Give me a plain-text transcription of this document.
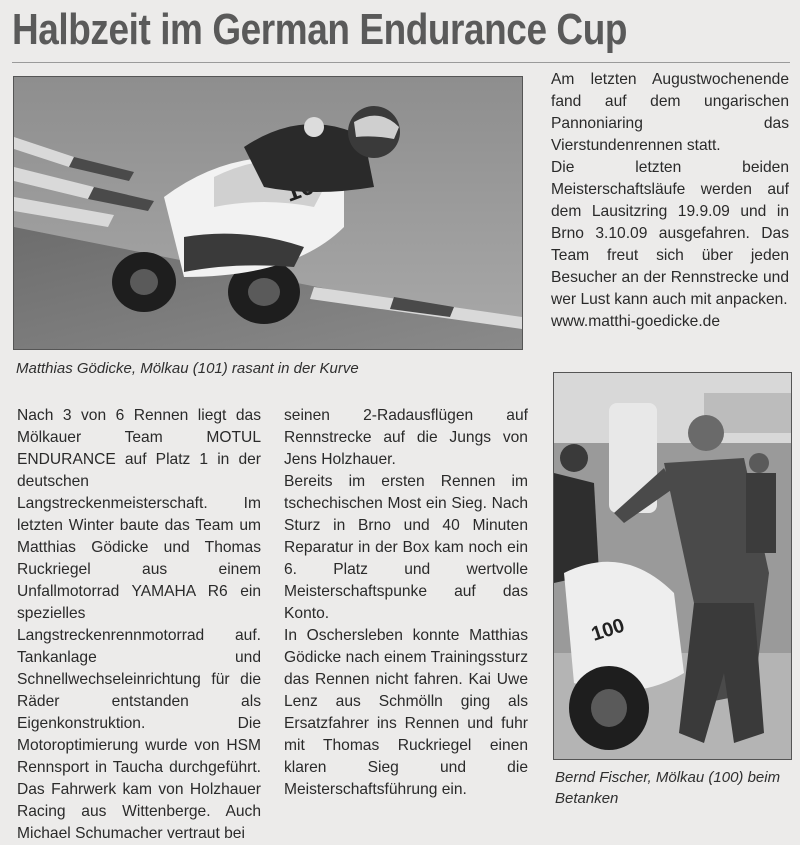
Halbzeit im German Endurance Cup
Matthias Gödicke, Mölkau (101) rasant in der Kurve
100
Bernd Fischer, Mölkau (100) beim
Betanken

Am letzten Augustwochenende fand auf dem ungarischen Pannoniaring das Vierstundenrennen statt.

Die letzten beiden Meisterschaftsläufe werden auf dem Lausitzring 19.9.09 und in Brno 3.10.09 ausgefahren. Das Team freut sich über jeden Besucher an der Rennstrecke und wer Lust kann auch mit anpacken.

www.matthi-goedicke.de

Nach 3 von 6 Rennen liegt das Mölkauer Team MOTUL ENDURANCE auf Platz 1 in der deutschen Langstreckenmeisterschaft. Im letzten Winter baute das Team um Matthias Gödicke und Thomas Ruckriegel aus einem Unfallmotorrad YAMAHA R6 ein spezielles Langstreckenrennmotorrad auf. Tankanlage und Schnellwechseleinrichtung für die Räder entstanden als Eigenkonstruktion. Die Motoroptimierung wurde von HSM Rennsport in Taucha durchgeführt. Das Fahrwerk kam von Holzhauer Racing aus Wittenberge. Auch Michael Schumacher vertraut bei

seinen 2-Radausflügen auf Rennstrecke auf die Jungs von Jens Holzhauer.

Bereits im ersten Rennen im tschechischen Most ein Sieg. Nach Sturz in Brno und 40 Minuten Reparatur in der Box kam noch ein 6. Platz und wertvolle Meisterschaftspunke auf das Konto.

In Oschersleben konnte Matthias Gödicke nach einem Trainingssturz das Rennen nicht fahren. Kai Uwe Lenz aus Schmölln ging als Ersatzfahrer ins Rennen und fuhr mit Thomas Ruckriegel einen klaren Sieg und die Meisterschaftsführung ein.
